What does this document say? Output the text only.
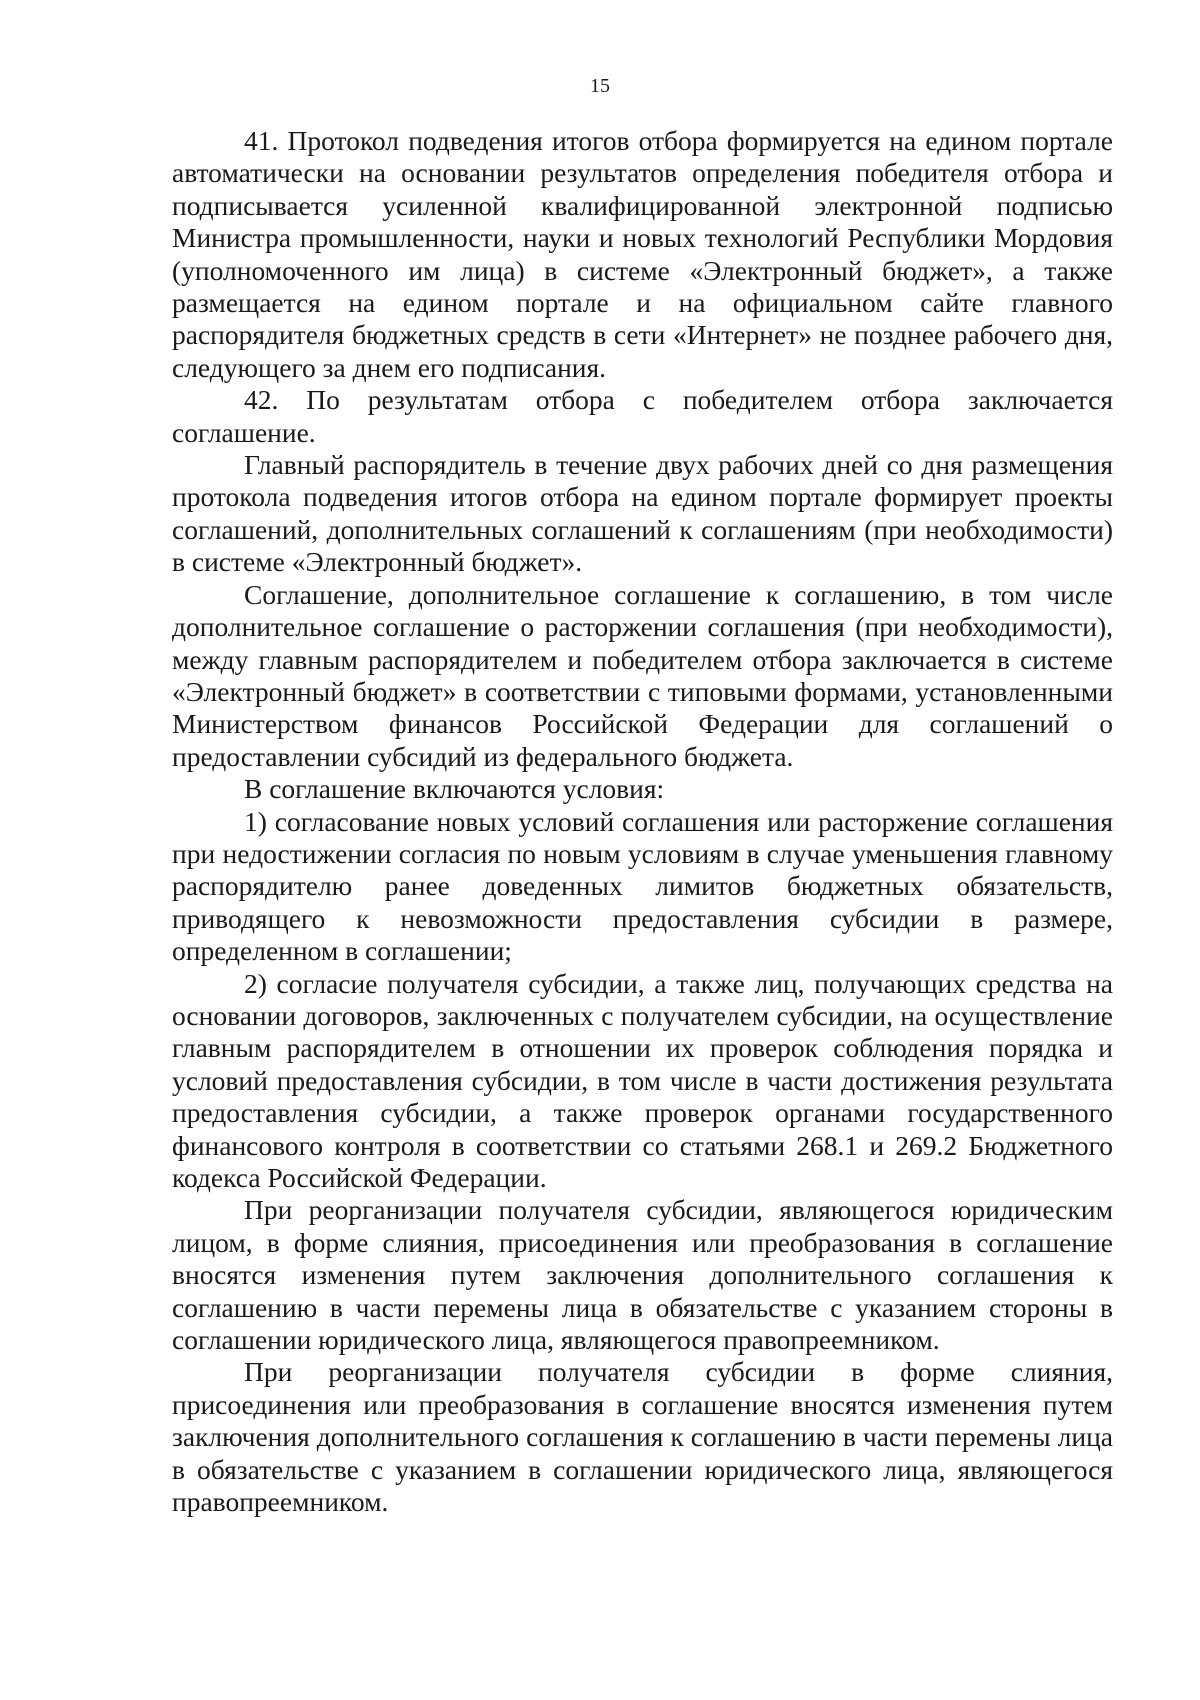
15

41. Протокол подведения итогов отбора формируется на едином портале автоматически на основании результатов определения победителя отбора и подписывается усиленной квалифицированной электронной подписью Министра промышленности, науки и новых технологий Республики Мордовия (уполномоченного им лица) в системе «Электронный бюджет», а также размещается на едином портале и на официальном сайте главного распорядителя бюджетных средств в сети «Интернет» не позднее рабочего дня, следующего за днем его подписания.

42. По результатам отбора с победителем отбора заключается соглашение.

Главный распорядитель в течение двух рабочих дней со дня размещения протокола подведения итогов отбора на едином портале формирует проекты соглашений, дополнительных соглашений к соглашениям (при необходимости) в системе «Электронный бюджет».

Соглашение, дополнительное соглашение к соглашению, в том числе дополнительное соглашение о расторжении соглашения (при необходимости), между главным распорядителем и победителем отбора заключается в системе «Электронный бюджет» в соответствии с типовыми формами, установленными Министерством финансов Российской Федерации для соглашений о предоставлении субсидий из федерального бюджета.

В соглашение включаются условия:

1) согласование новых условий соглашения или расторжение соглашения при недостижении согласия по новым условиям в случае уменьшения главному распорядителю ранее доведенных лимитов бюджетных обязательств, приводящего к невозможности предоставления субсидии в размере, определенном в соглашении;

2) согласие получателя субсидии, а также лиц, получающих средства на основании договоров, заключенных с получателем субсидии, на осуществление главным распорядителем в отношении их проверок соблюдения порядка и условий предоставления субсидии, в том числе в части достижения результата предоставления субсидии, а также проверок органами государственного финансового контроля в соответствии со статьями 268.1 и 269.2 Бюджетного кодекса Российской Федерации.

При реорганизации получателя субсидии, являющегося юридическим лицом, в форме слияния, присоединения или преобразования в соглашение вносятся изменения путем заключения дополнительного соглашения к соглашению в части перемены лица в обязательстве с указанием стороны в соглашении юридического лица, являющегося правопреемником.

При реорганизации получателя субсидии в форме слияния, присоединения или преобразования в соглашение вносятся изменения путем заключения дополнительного соглашения к соглашению в части перемены лица в обязательстве с указанием в соглашении юридического лица, являющегося правопреемником.
